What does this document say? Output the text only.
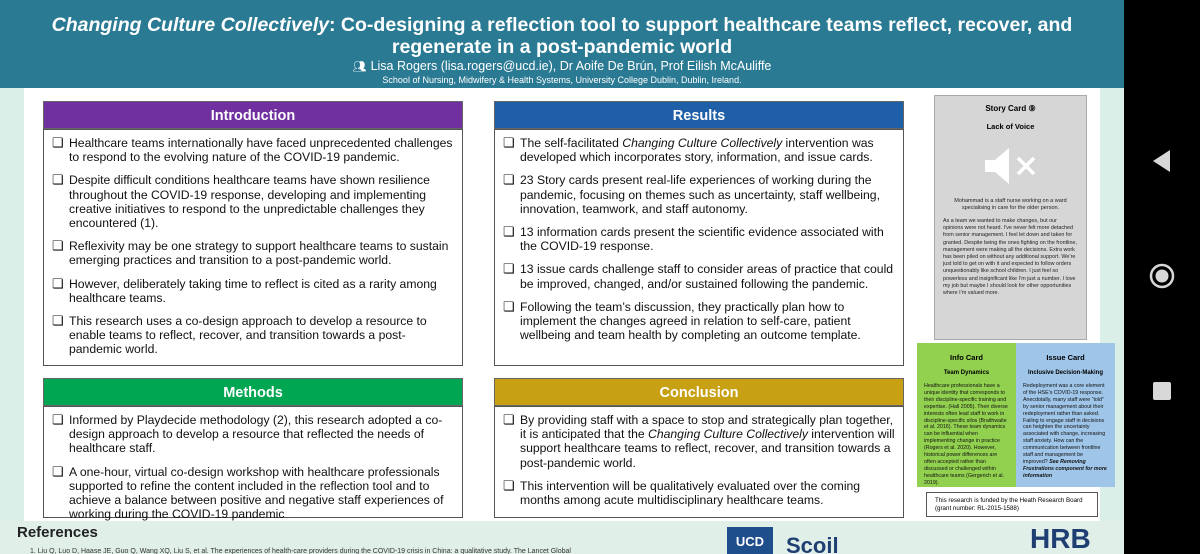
Changing Culture Collectively: Co-designing a reflection tool to support healthcare teams reflect, recover, and regenerate in a post-pandemic world
👥︎ Lisa Rogers (lisa.rogers@ucd.ie), Dr Aoife De Brún, Prof Eilish McAuliffe
School of Nursing, Midwifery & Health Systems, University College Dublin, Dublin, Ireland.
Introduction
❏ Healthcare teams internationally have faced unprecedented challenges to respond to the evolving nature of the COVID-19 pandemic.
❏ Despite difficult conditions healthcare teams have shown resilience throughout the COVID-19 response, developing and implementing creative initiatives to respond to the unpredictable challenges they encountered (1).
❏ Reflexivity may be one strategy to support healthcare teams to sustain emerging practices and transition to a post-pandemic world.
❏ However, deliberately taking time to reflect is cited as a rarity among healthcare teams.
❏ This research uses a co-design approach to develop a resource to enable teams to reflect, recover, and transition towards a post-pandemic world.
Methods
❏ Informed by Playdecide methodology (2), this research adopted a co-design approach to develop a resource that reflected the needs of healthcare staff.
❏ A one-hour, virtual co-design workshop with healthcare professionals supported to refine the content included in the reflection tool and to achieve a balance between positive and negative staff experiences of working during the COVID-19 pandemic
Results
❏ The self-facilitated Changing Culture Collectively intervention was developed which incorporates story, information, and issue cards.
❏ 23 Story cards present real-life experiences of working during the pandemic, focusing on themes such as uncertainty, staff wellbeing, innovation, teamwork, and staff autonomy.
❏ 13 information cards present the scientific evidence associated with the COVID-19 response.
❏ 13 issue cards challenge staff to consider areas of practice that could be improved, changed, and/or sustained following the pandemic.
❏ Following the team’s discussion, they practically plan how to implement the changes agreed in relation to self-care, patient wellbeing and team health by completing an outcome template.
Conclusion
❏ By providing staff with a space to stop and strategically plan together, it is anticipated that the Changing Culture Collectively intervention will support healthcare teams to reflect, recover, and transition towards a post-pandemic world.
❏ This intervention will be qualitatively evaluated over the coming months among acute multidisciplinary healthcare teams.
Story Card ⑨
Lack of Voice
Mohammad is a staff nurse working on a ward specialising in care for the older person.
As a team we wanted to make changes, but our opinions were not heard. I’ve never felt more detached from senior management. I feel let down and taken for granted. Despite being the ones fighting on the frontline, management were making all the decisions. Extra work has been piled on without any additional support. We’re just told to get on with it and expected to follow orders unquestionably like school children. I just feel so powerless and insignificant like I’m just a number. I love my job but maybe I should look for other opportunities where I’m valued more.
Info Card
Team Dynamics
Healthcare professionals have a unique identity that corresponds to their discipline-specific training and expertise. (Hall 2005). Their diverse interests often lead staff to work in discipline-specific silos (Braithwaite et al. 2016). These team dynamics can be influential when implementing change in practice (Rogers et al. 2020). However, historical power differences are often accepted rather than discussed or challenged within healthcare teams (Gergerich et al. 2019).
Issue Card
Inclusive Decision-Making
Redeployment was a core element of the HSE’s COVID-19 response. Anecdotally, many staff were “told” by senior management about their redeployment rather than asked. Failing to engage staff in decisions can heighten the uncertainty associated with change, increasing staff anxiety. How can the communication between frontline staff and management be improved? See Removing Frustrations component for more information
This research is funded by the Heath Research Board (grant number: RL-2015-1588)
References
1. Liu Q, Luo D, Haase JE, Guo Q, Wang XQ, Liu S, et al. The experiences of health-care providers during the COVID-19 crisis in China: a qualitative study. The Lancet Global
UCD Scoil	HRB
